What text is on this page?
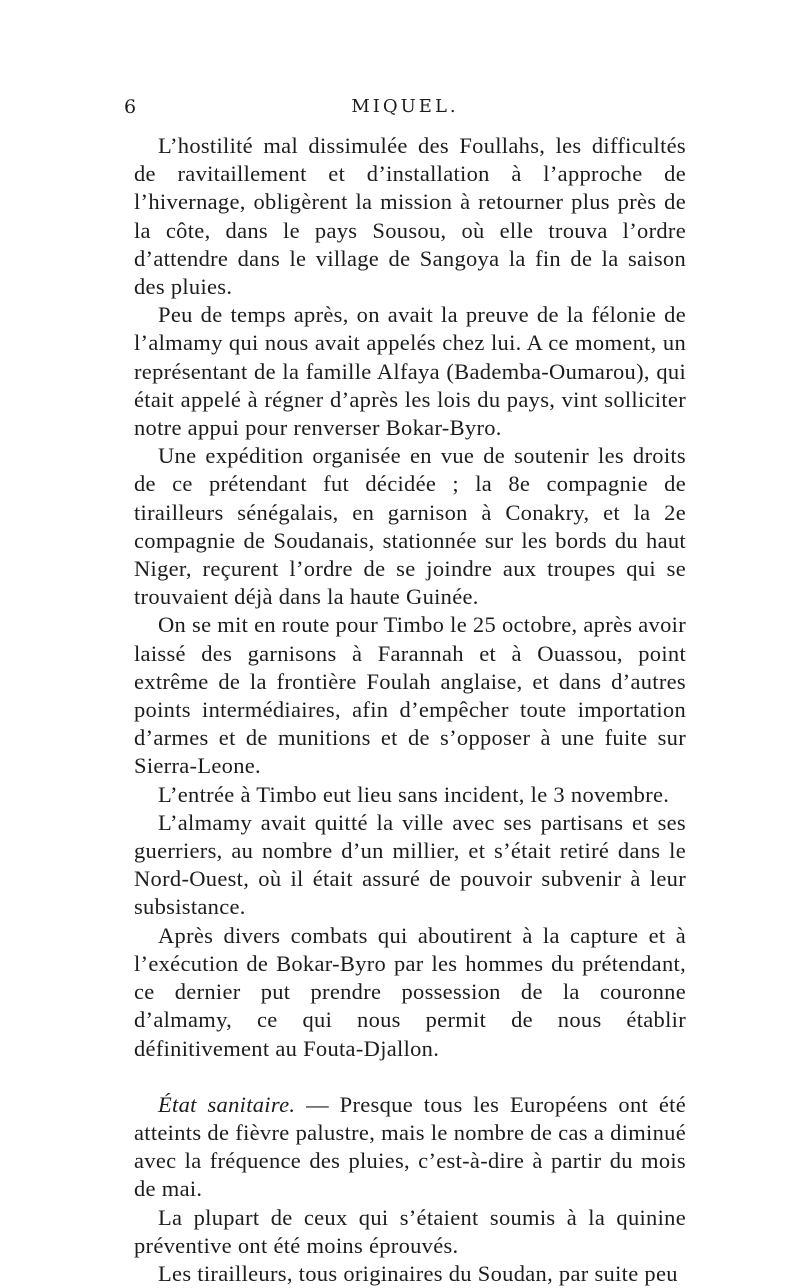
6	MIQUEL.

L’hostilité mal dissimulée des Foullahs, les difficultés de ravitaillement et d’installation à l’approche de l’hivernage, obligèrent la mission à retourner plus près de la côte, dans le pays Sousou, où elle trouva l’ordre d’attendre dans le village de Sangoya la fin de la saison des pluies.

Peu de temps après, on avait la preuve de la félonie de l’almamy qui nous avait appelés chez lui. A ce moment, un représentant de la famille Alfaya (Bademba-Oumarou), qui était appelé à régner d’après les lois du pays, vint solliciter notre appui pour renverser Bokar-Byro.

Une expédition organisée en vue de soutenir les droits de ce prétendant fut décidée ; la 8e compagnie de tirailleurs sénégalais, en garnison à Conakry, et la 2e compagnie de Soudanais, stationnée sur les bords du haut Niger, reçurent l’ordre de se joindre aux troupes qui se trouvaient déjà dans la haute Guinée.

On se mit en route pour Timbo le 25 octobre, après avoir laissé des garnisons à Farannah et à Ouassou, point extrême de la frontière Foulah anglaise, et dans d’autres points intermédiaires, afin d’empêcher toute importation d’armes et de munitions et de s’opposer à une fuite sur Sierra-Leone.

L’entrée à Timbo eut lieu sans incident, le 3 novembre.

L’almamy avait quitté la ville avec ses partisans et ses guerriers, au nombre d’un millier, et s’était retiré dans le Nord-Ouest, où il était assuré de pouvoir subvenir à leur subsistance.

Après divers combats qui aboutirent à la capture et à l’exécution de Bokar-Byro par les hommes du prétendant, ce dernier put prendre possession de la couronne d’almamy, ce qui nous permit de nous établir définitivement au Fouta-Djallon.

État sanitaire. — Presque tous les Européens ont été atteints de fièvre palustre, mais le nombre de cas a diminué avec la fréquence des pluies, c’est-à-dire à partir du mois de mai.

La plupart de ceux qui s’étaient soumis à la quinine préventive ont été moins éprouvés.

Les tirailleurs, tous originaires du Soudan, par suite peu
